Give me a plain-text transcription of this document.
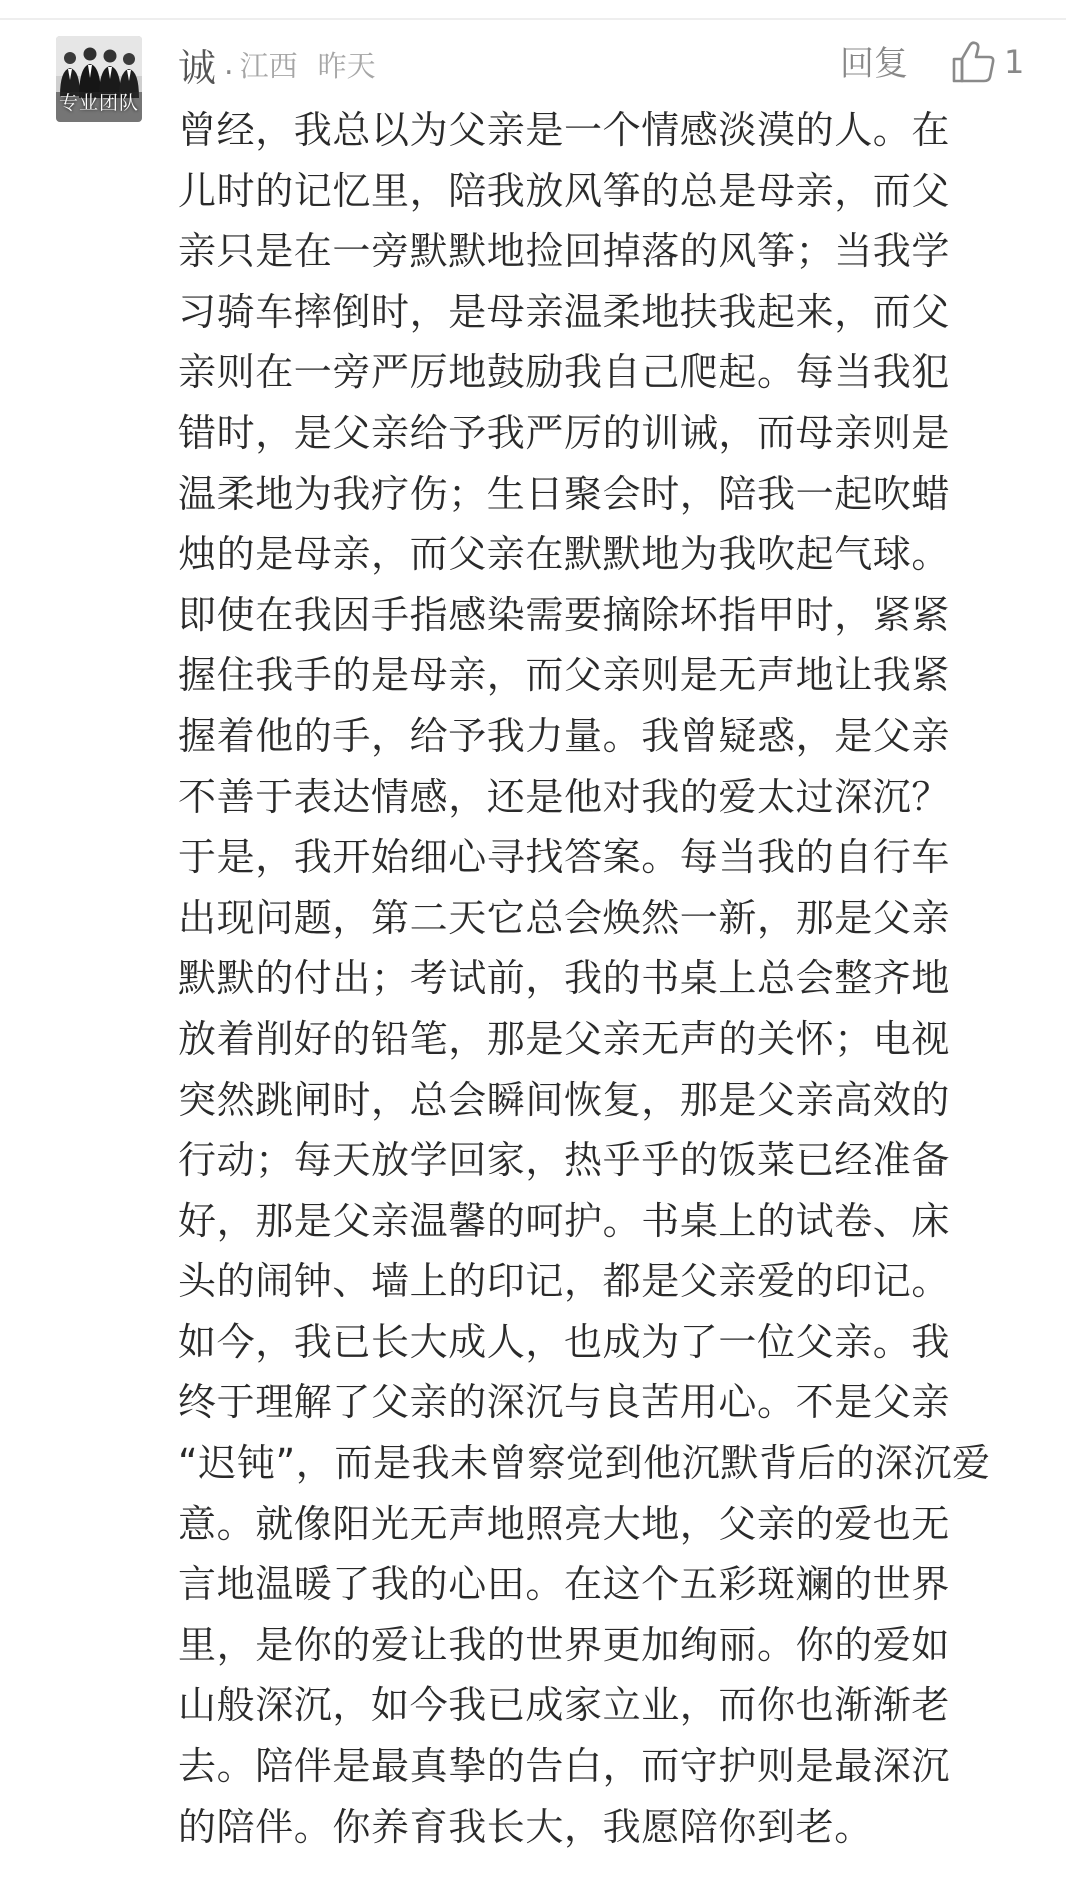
专业团队
诚 . 江西 昨天	回复	1
曾经，我总以为父亲是一个情感淡漠的人。在
儿时的记忆里，陪我放风筝的总是母亲，而父
亲只是在一旁默默地捡回掉落的风筝；当我学
习骑车摔倒时，是母亲温柔地扶我起来，而父
亲则在一旁严厉地鼓励我自己爬起。每当我犯
错时，是父亲给予我严厉的训诫，而母亲则是
温柔地为我疗伤；生日聚会时，陪我一起吹蜡
烛的是母亲，而父亲在默默地为我吹起气球。
即使在我因手指感染需要摘除坏指甲时，紧紧
握住我手的是母亲，而父亲则是无声地让我紧
握着他的手，给予我力量。我曾疑惑，是父亲
不善于表达情感，还是他对我的爱太过深沉？
于是，我开始细心寻找答案。每当我的自行车
出现问题，第二天它总会焕然一新，那是父亲
默默的付出；考试前，我的书桌上总会整齐地
放着削好的铅笔，那是父亲无声的关怀；电视
突然跳闸时，总会瞬间恢复，那是父亲高效的
行动；每天放学回家，热乎乎的饭菜已经准备
好，那是父亲温馨的呵护。书桌上的试卷、床
头的闹钟、墙上的印记，都是父亲爱的印记。
如今，我已长大成人，也成为了一位父亲。我
终于理解了父亲的深沉与良苦用心。不是父亲
“迟钝”，而是我未曾察觉到他沉默背后的深沉爱
意。就像阳光无声地照亮大地，父亲的爱也无
言地温暖了我的心田。在这个五彩斑斓的世界
里，是你的爱让我的世界更加绚丽。你的爱如
山般深沉，如今我已成家立业，而你也渐渐老
去。陪伴是最真挚的告白，而守护则是最深沉
的陪伴。你养育我长大，我愿陪你到老。
